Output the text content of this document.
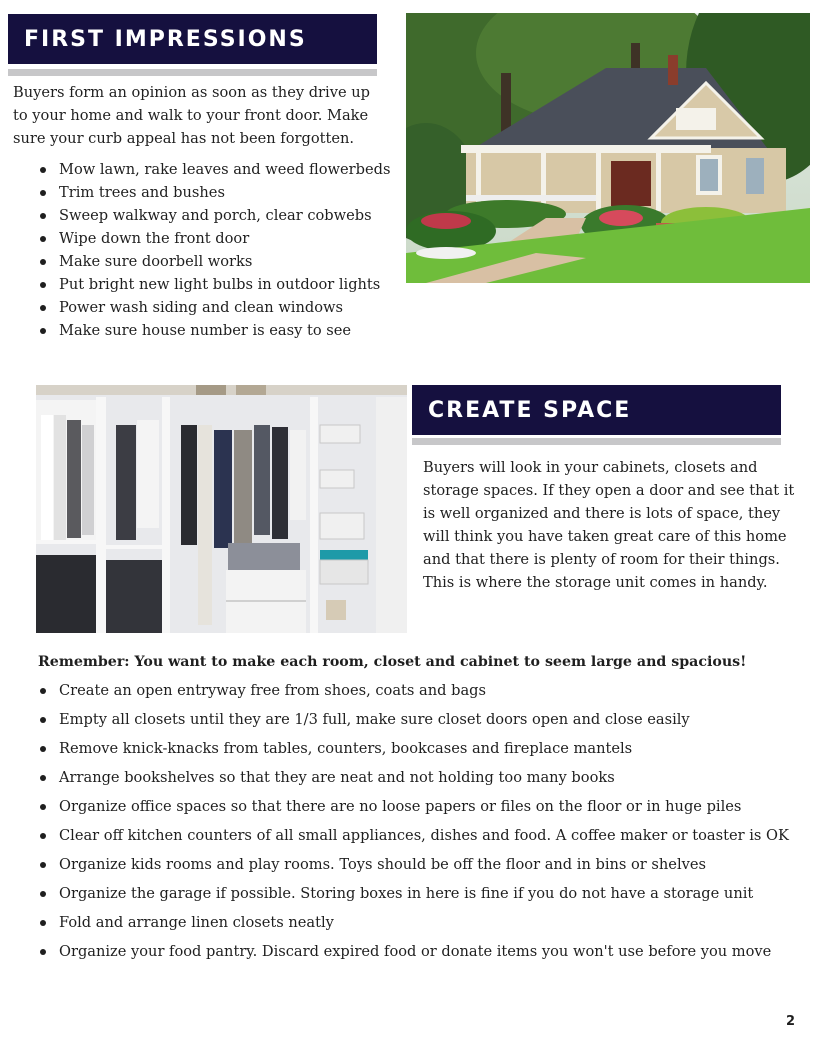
FIRST IMPRESSIONS

Buyers form an opinion as soon as they drive up to your home and walk to your front door. Make sure your curb appeal has not been forgotten.

Mow lawn, rake leaves and weed flowerbeds
Trim trees and bushes
Sweep walkway and porch, clear cobwebs
Wipe down the front door
Make sure doorbell works
Put bright new light bulbs in outdoor lights
Power wash siding and clean windows
Make sure house number is easy to see
CREATE SPACE

Buyers will look in your cabinets, closets and storage spaces. If they open a door and see that it is well organized and there is lots of space, they will think you have taken great care of this home and that there is plenty of room for their things. This is where the storage unit comes in handy.

Remember: You want to make each room, closet and cabinet to seem large and spacious!

Create an open entryway free from shoes, coats and bags
Empty all closets until they are 1/3 full, make sure closet doors open and close easily
Remove knick-knacks from tables, counters, bookcases and fireplace mantels
Arrange bookshelves so that they are neat and not holding too many books
Organize office spaces so that there are no loose papers or files on the floor or in huge piles
Clear off kitchen counters of all small appliances, dishes and food. A coffee maker or toaster is OK
Organize kids rooms and play rooms. Toys should be off the floor and in bins or shelves
Organize the garage if possible. Storing boxes in here is fine if you do not have a storage unit
Fold and arrange linen closets neatly
Organize your food pantry. Discard expired food or donate items you won't use before you move
2
